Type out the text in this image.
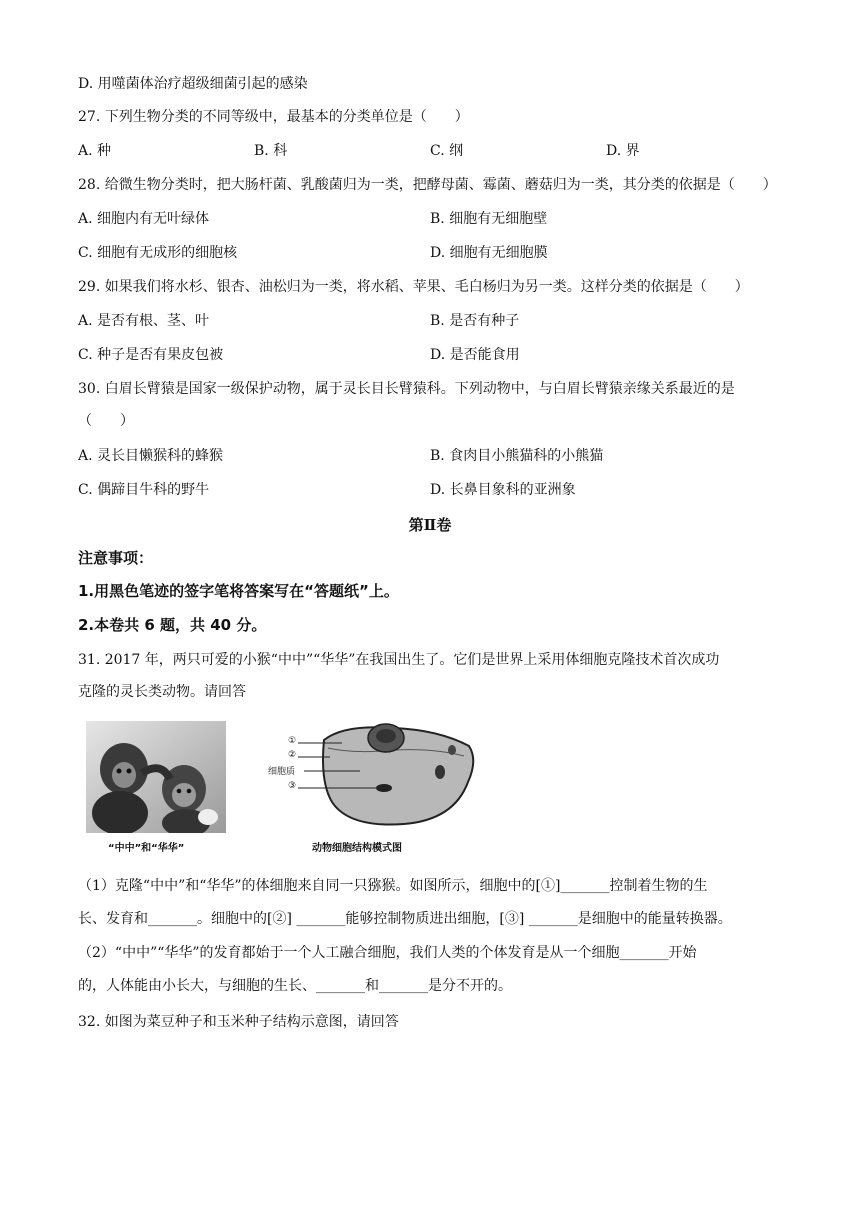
D. 用噬菌体治疗超级细菌引起的感染
27. 下列生物分类的不同等级中，最基本的分类单位是（　　）
A. 种	B. 科	C. 纲	D. 界
28. 给微生物分类时，把大肠杆菌、乳酸菌归为一类，把酵母菌、霉菌、蘑菇归为一类，其分类的依据是（　　）
A. 细胞内有无叶绿体	B. 细胞有无细胞壁
C. 细胞有无成形的细胞核	D. 细胞有无细胞膜
29. 如果我们将水杉、银杏、油松归为一类，将水稻、苹果、毛白杨归为另一类。这样分类的依据是（　　）
A. 是否有根、茎、叶	B. 是否有种子
C. 种子是否有果皮包被	D. 是否能食用
30. 白眉长臂猿是国家一级保护动物，属于灵长目长臂猿科。下列动物中，与白眉长臂猿亲缘关系最近的是
（　　）
A. 灵长目懒猴科的蜂猴	B. 食肉目小熊猫科的小熊猫
C. 偶蹄目牛科的野牛	D. 长鼻目象科的亚洲象
第Ⅱ卷
注意事项：
1.用黑色笔迹的签字笔将答案写在“答题纸”上。
2.本卷共 6 题，共 40 分。
31. 2017 年，两只可爱的小猴“中中”“华华”在我国出生了。它们是世界上采用体细胞克隆技术首次成功
克隆的灵长类动物。请回答
“中中”和“华华”
①
②
细胞质
③
动物细胞结构模式图
（1）克隆“中中”和“华华”的体细胞来自同一只猕猴。如图所示，细胞中的[①]_______控制着生物的生
长、发育和_______。细胞中的[②] _______能够控制物质进出细胞，[③] _______是细胞中的能量转换器。
（2）“中中”“华华”的发育都始于一个人工融合细胞，我们人类的个体发育是从一个细胞_______开始
的，人体能由小长大，与细胞的生长、_______和_______是分不开的。
32. 如图为菜豆种子和玉米种子结构示意图，请回答
